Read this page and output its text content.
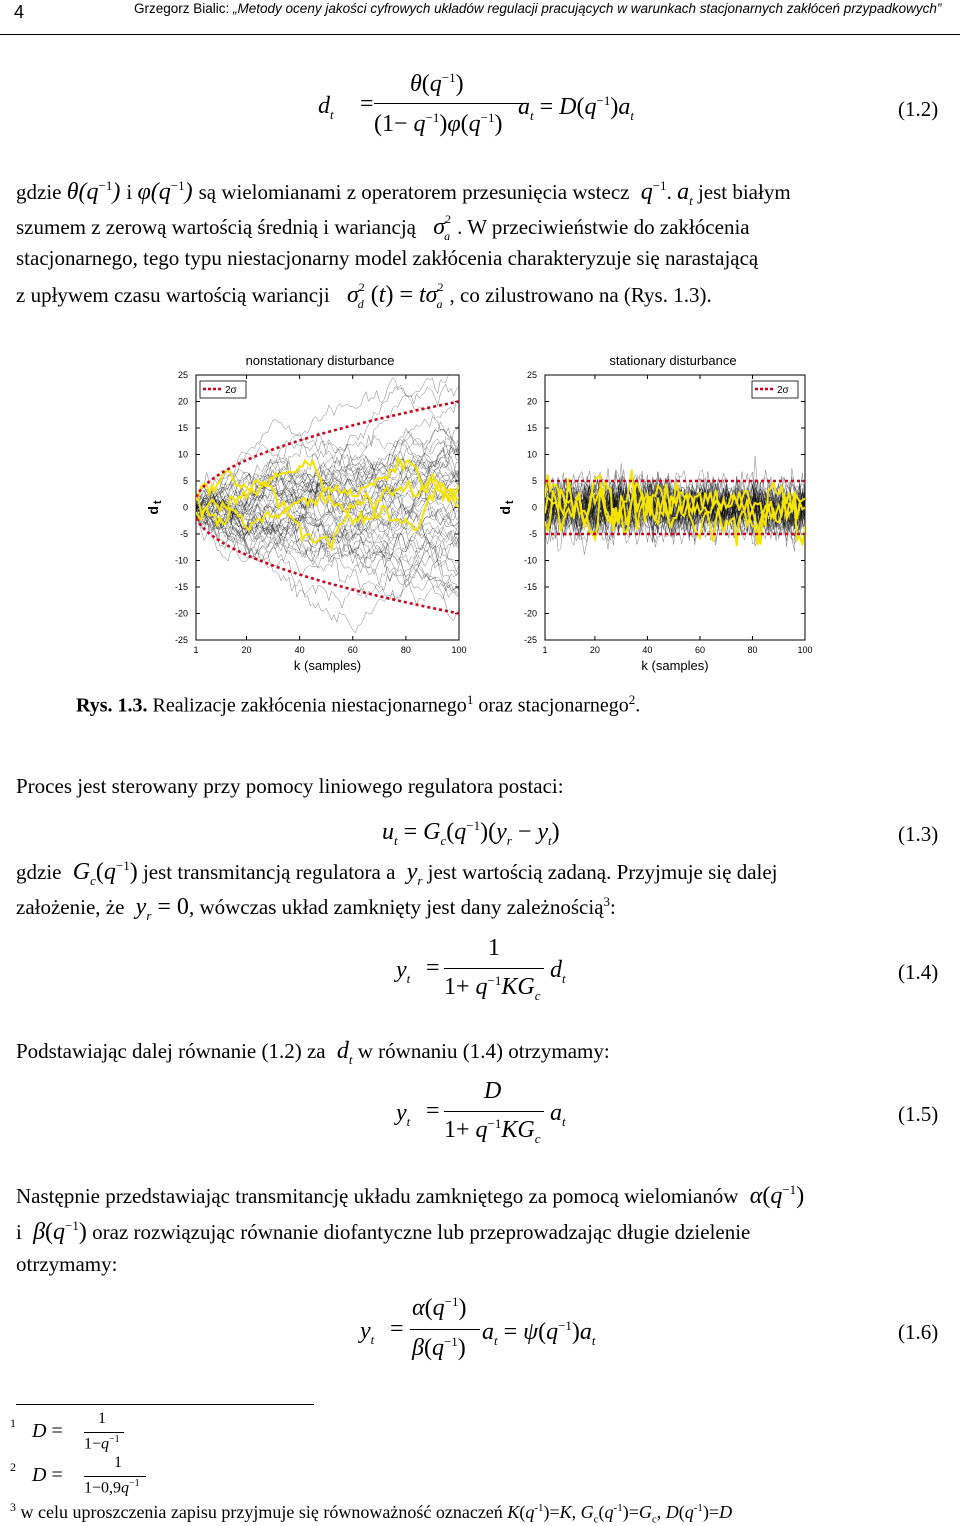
4	Grzegorz Bialic: „Metody oceny jakości cyfrowych układów regulacji pracujących w warunkach stacjonarnych zakłóceń przypadkowych”
$d_t$ =
$\theta(q^{-1})$
$(1- q^{-1})\varphi(q^{-1})$
$a_t = D(q^{-1})a_t$	(1.2)
gdzie $\theta(q^{-1})$ i $\varphi(q^{-1})$ są wielomianami z operatorem przesunięcia wstecz  $q^{-1}$. $a_t$ jest białym
szumem z zerową wartością średnią i wariancją   $\sigma^2_a$ . W przeciwieństwie do zakłócenia
stacjonarnego, tego typu niestacjonarny model zakłócenia charakteryzuje się narastającą
z upływem czasu wartością wariancji   $\sigma^2_d$ $(t) = t\sigma^2_a$ , co zilustrowano na (Rys. 1.3).
25
20
15
10
5
0
-5
-10
-15
-20
-25
1	20	40	60	80	100
2σ
nonstationary disturbance
k (samples)
$d_t$
25
20
15
10
5
0
-5
-10
-15
-20
-25
1	20	40	60	80	100
2σ
stationary disturbance
k (samples)
$d_t$
Rys. 1.3. Realizacje zakłócenia niestacjonarnego$^1$ oraz stacjonarnego$^2$.
Proces jest sterowany przy pomocy liniowego regulatora postaci:
$u_t = G_c(q^{-1})(y_r - y_t)$	(1.3)
gdzie  $G_c(q^{-1})$ jest transmitancją regulatora a  $y_r$ jest wartością zadaną. Przyjmuje się dalej
założenie, że  $y_r = 0$, wówczas układ zamknięty jest dany zależnością$^3$:
$y_t$ =
1
$1+ q^{-1}KG_c$
$d_t$	(1.4)
Podstawiając dalej równanie (1.2) za  $d_t$ w równaniu (1.4) otrzymamy:
$y_t$ =
D
$1+ q^{-1}KG_c$
$a_t$	(1.5)
Następnie przedstawiając transmitancję układu zamkniętego za pomocą wielomianów  $\alpha(q^{-1})$
i  $\beta(q^{-1})$ oraz rozwiązując równanie diofantyczne lub przeprowadzając długie dzielenie
otrzymamy:
$y_t$ =
$\alpha(q^{-1})$
$\beta(q^{-1})$
$a_t = \psi(q^{-1})a_t$	(1.6)
1 D =
1
$1-q^{-1}$
2 D =
1
$1-0,9q^{-1}$
$^3$ w celu uproszczenia zapisu przyjmuje się równoważność oznaczeń $K(q^{-1})=K$, $G_c(q^{-1})=G_c$, $D(q^{-1})=D$
